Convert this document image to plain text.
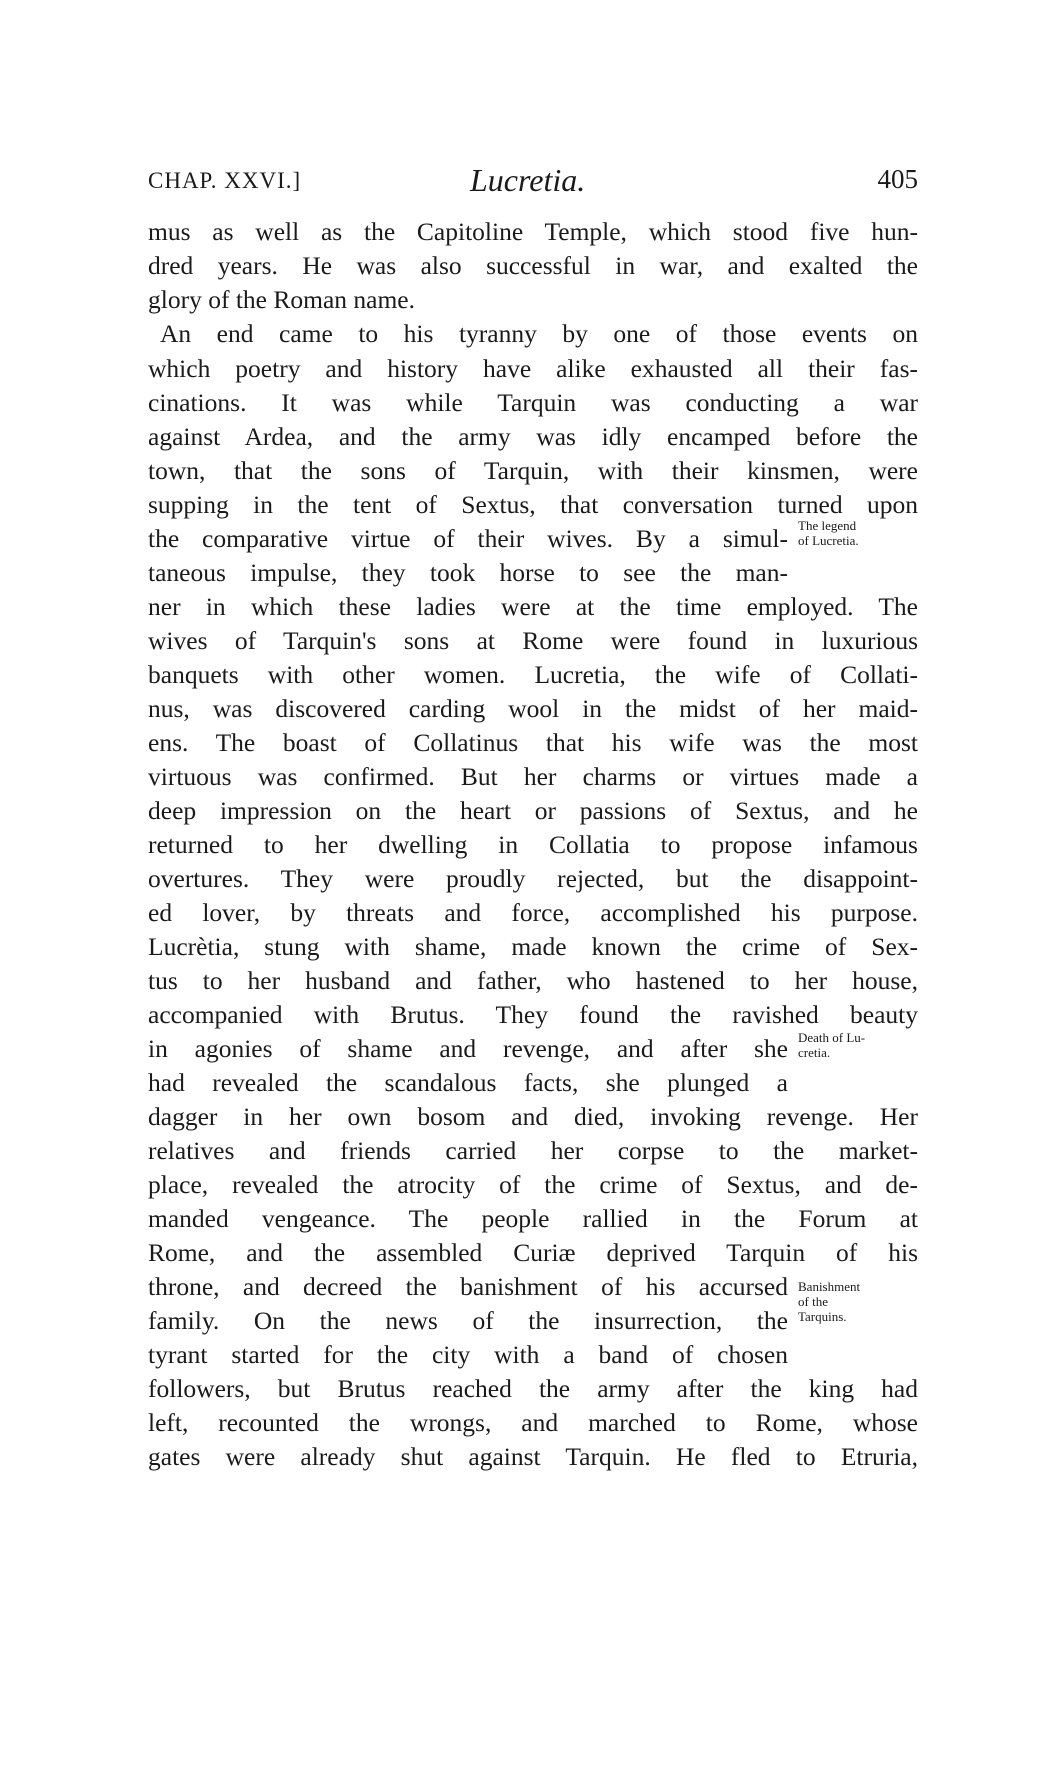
CHAP. XXVI.]	Lucretia.	405
mus as well as the Capitoline Temple, which stood five hun-
dred years. He was also successful in war, and exalted the
glory of the Roman name.
An end came to his tyranny by one of those events on
which poetry and history have alike exhausted all their fas-
cinations. It was while Tarquin was conducting a war
against Ardea, and the army was idly encamped before the
town, that the sons of Tarquin, with their kinsmen, were
supping in the tent of Sextus, that conversation turned upon
the comparative virtue of their wives. By a simul-
taneous impulse, they took horse to see the man-
ner in which these ladies were at the time employed. The
wives of Tarquin's sons at Rome were found in luxurious
banquets with other women. Lucretia, the wife of Collati-
nus, was discovered carding wool in the midst of her maid-
ens. The boast of Collatinus that his wife was the most
virtuous was confirmed. But her charms or virtues made a
deep impression on the heart or passions of Sextus, and he
returned to her dwelling in Collatia to propose infamous
overtures. They were proudly rejected, but the disappoint-
ed lover, by threats and force, accomplished his purpose.
Lucrètia, stung with shame, made known the crime of Sex-
tus to her husband and father, who hastened to her house,
accompanied with Brutus. They found the ravished beauty
in agonies of shame and revenge, and after she
had revealed the scandalous facts, she plunged a
dagger in her own bosom and died, invoking revenge. Her
relatives and friends carried her corpse to the market-
place, revealed the atrocity of the crime of Sextus, and de-
manded vengeance. The people rallied in the Forum at
Rome, and the assembled Curiæ deprived Tarquin of his
throne, and decreed the banishment of his accursed
family. On the news of the insurrection, the
tyrant started for the city with a band of chosen
followers, but Brutus reached the army after the king had
left, recounted the wrongs, and marched to Rome, whose
gates were already shut against Tarquin. He fled to Etruria,
The legend
of Lucretia.
Death of Lu-
cretia.
Banishment
of the
Tarquins.
